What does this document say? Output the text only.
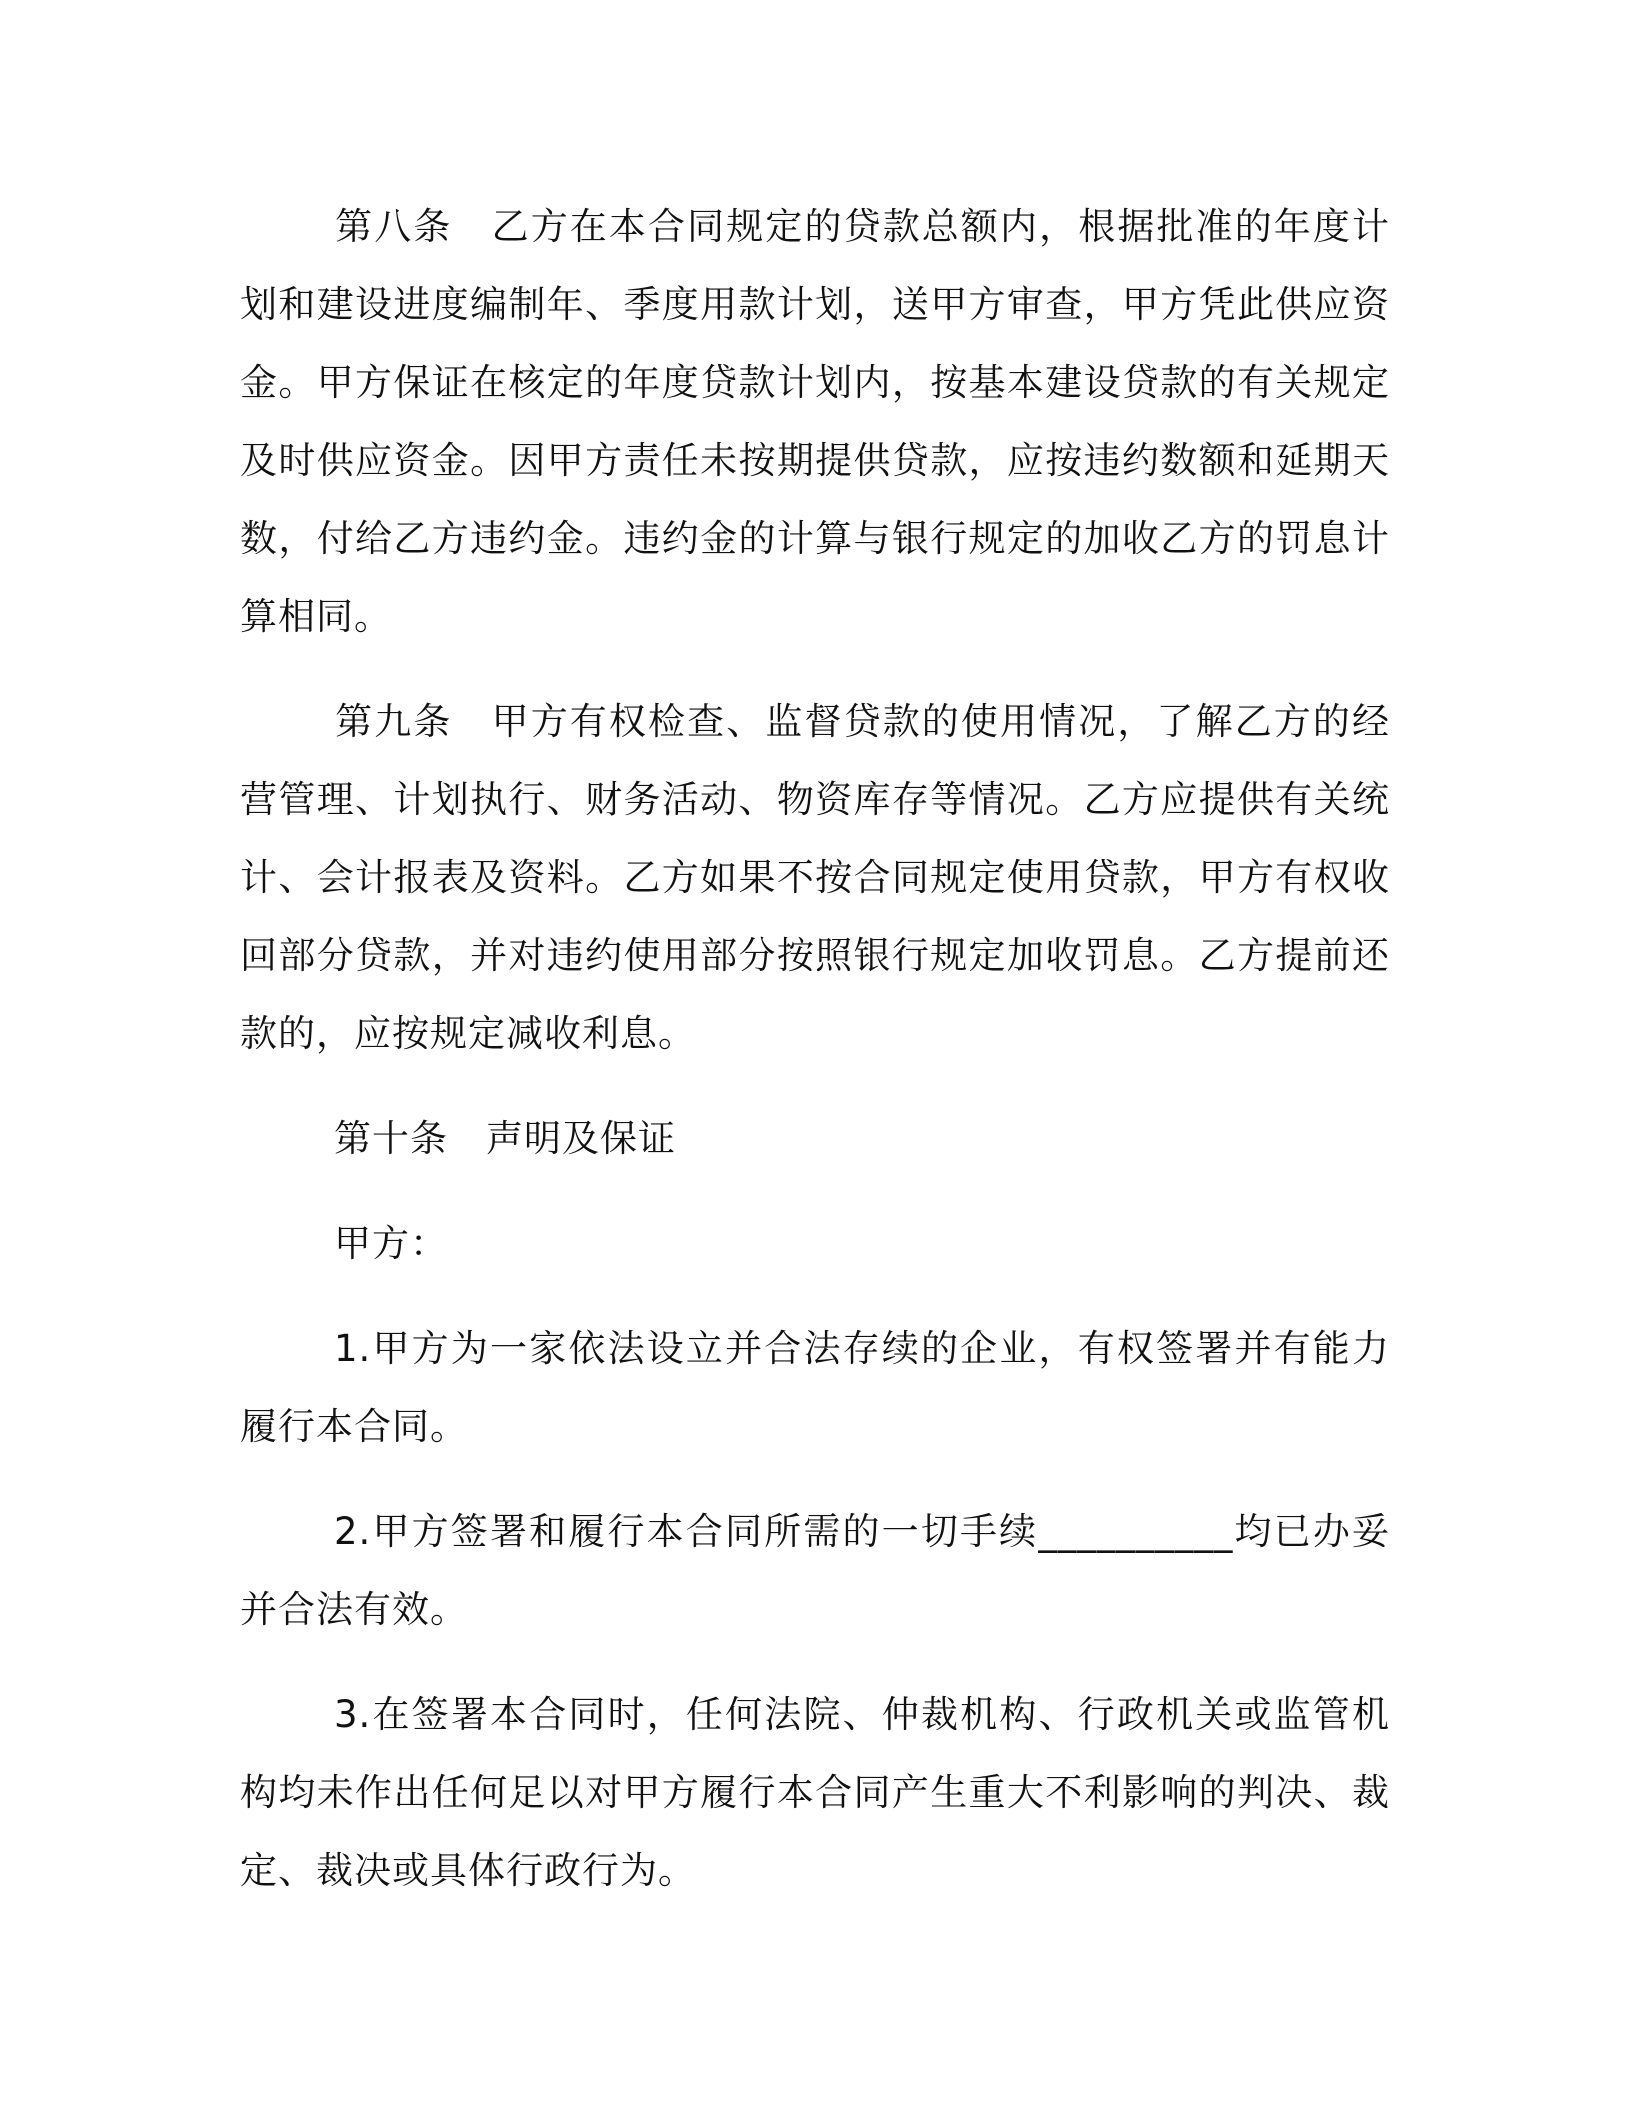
第八条　 乙方在本合同规定的贷款总额内，根据批准的年度计划和建设进度编制年、季度用款计划，送甲方审查，甲方凭此供应资金。甲方保证在核定的年度贷款计划内，按基本建设贷款的有关规定及时供应资金。因甲方责任未按期提供贷款，应按违约数额和延期天数，付给乙方违约金。违约金的计算与银行规定的加收乙方的罚息计算相同。

第九条　 甲方有权检查、监督贷款的使用情况，了解乙方的经营管理、计划执行、财务活动、物资库存等情况。乙方应提供有关统计、会计报表及资料。乙方如果不按合同规定使用贷款，甲方有权收回部分贷款，并对违约使用部分按照银行规定加收罚息。乙方提前还款的，应按规定减收利息。

第十条　 声明及保证

甲方：

1.甲方为一家依法设立并合法存续的企业，有权签署并有能力履行本合同。

2.甲方签署和履行本合同所需的一切手续__________均已办妥并合法有效。

3.在签署本合同时，任何法院、仲裁机构、行政机关或监管机构均未作出任何足以对甲方履行本合同产生重大不利影响的判决、裁定、裁决或具体行政行为。
